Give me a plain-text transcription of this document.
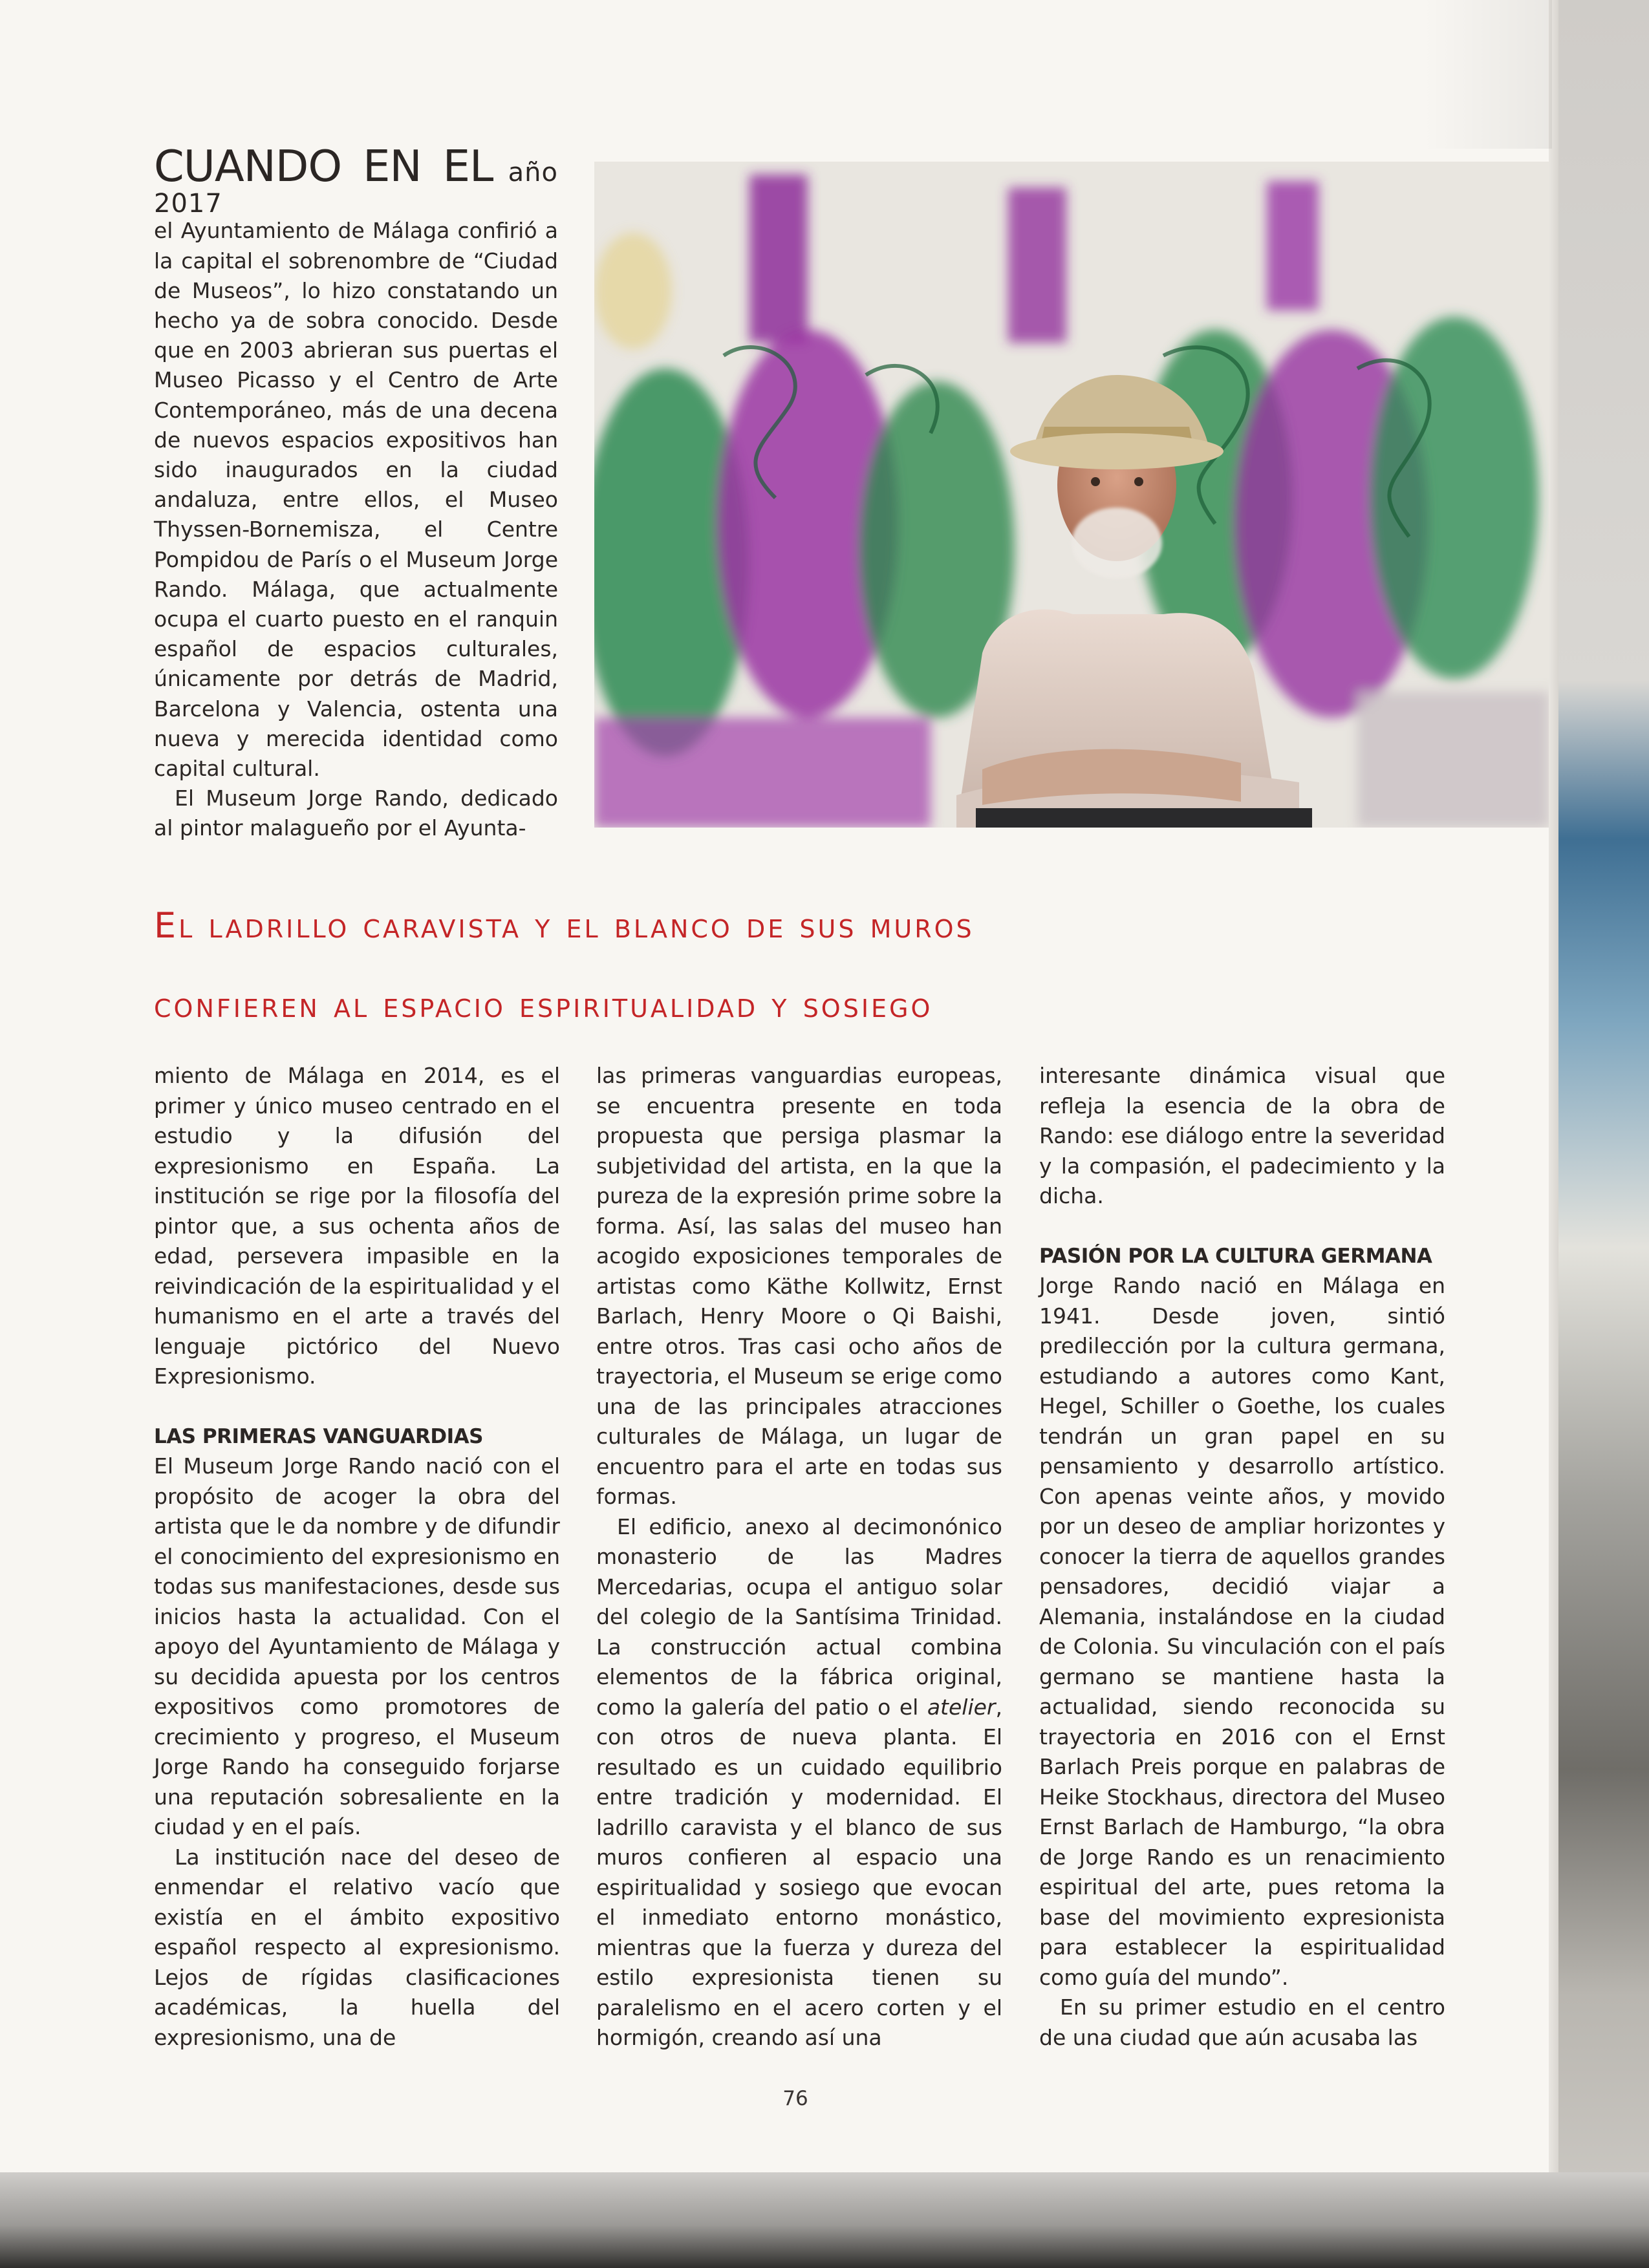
CUANDO EN EL año 2017

el Ayuntamiento de Málaga confirió a la capital el sobrenombre de “Ciudad de Museos”, lo hizo constatando un hecho ya de sobra conocido. Desde que en 2003 abrieran sus puertas el Museo Picasso y el Centro de Arte Contemporáneo, más de una decena de nuevos espacios expositivos han sido inaugurados en la ciudad andaluza, entre ellos, el Museo Thyssen-Bornemisza, el Centre Pompidou de París o el Museum Jorge Rando. Málaga, que actualmente ocupa el cuarto puesto en el ranquin español de espacios culturales, únicamente por detrás de Madrid, Barcelona y Valencia, ostenta una nueva y merecida identidad como capital cultural.

El Museum Jorge Rando, dedicado al pintor malagueño por el Ayunta-

El ladrillo caravista y el blanco de sus muros
confieren al espacio espiritualidad y sosiego

miento de Málaga en 2014, es el primer y único museo centrado en el estudio y la difusión del expresionismo en España. La institución se rige por la filosofía del pintor que, a sus ochenta años de edad, persevera impasible en la reivindicación de la espiritualidad y el humanismo en el arte a través del lenguaje pictórico del Nuevo Expresionismo.

LAS PRIMERAS VANGUARDIAS

El Museum Jorge Rando nació con el propósito de acoger la obra del artista que le da nombre y de difundir el conocimiento del expresionismo en todas sus manifestaciones, desde sus inicios hasta la actualidad. Con el apoyo del Ayuntamiento de Málaga y su decidida apuesta por los centros expositivos como promotores de crecimiento y progreso, el Museum Jorge Rando ha conseguido forjarse una reputación sobresaliente en la ciudad y en el país.

La institución nace del deseo de enmendar el relativo vacío que existía en el ámbito expositivo español respecto al expresionismo. Lejos de rígidas clasificaciones académicas, la huella del expresionismo, una de

las primeras vanguardias europeas, se encuentra presente en toda propuesta que persiga plasmar la subjetividad del artista, en la que la pureza de la expresión prime sobre la forma. Así, las salas del museo han acogido exposiciones temporales de artistas como Käthe Kollwitz, Ernst Barlach, Henry Moore o Qi Baishi, entre otros. Tras casi ocho años de trayectoria, el Museum se erige como una de las principales atracciones culturales de Málaga, un lugar de encuentro para el arte en todas sus formas.

El edificio, anexo al decimonónico monasterio de las Madres Mercedarias, ocupa el antiguo solar del colegio de la Santísima Trinidad. La construcción actual combina elementos de la fábrica original, como la galería del patio o el atelier, con otros de nueva planta. El resultado es un cuidado equilibrio entre tradición y modernidad. El ladrillo caravista y el blanco de sus muros confieren al espacio una espiritualidad y sosiego que evocan el inmediato entorno monástico, mientras que la fuerza y dureza del estilo expresionista tienen su paralelismo en el acero corten y el hormigón, creando así una

interesante dinámica visual que refleja la esencia de la obra de Rando: ese diálogo entre la severidad y la compasión, el padecimiento y la dicha.

PASIÓN POR LA CULTURA GERMANA

Jorge Rando nació en Málaga en 1941. Desde joven, sintió predilección por la cultura germana, estudiando a autores como Kant, Hegel, Schiller o Goethe, los cuales tendrán un gran papel en su pensamiento y desarrollo artístico. Con apenas veinte años, y movido por un deseo de ampliar horizontes y conocer la tierra de aquellos grandes pensadores, decidió viajar a Alemania, instalándose en la ciudad de Colonia. Su vinculación con el país germano se mantiene hasta la actualidad, siendo reconocida su trayectoria en 2016 con el Ernst Barlach Preis porque en palabras de Heike Stockhaus, directora del Museo Ernst Barlach de Hamburgo, “la obra de Jorge Rando es un renacimiento espiritual del arte, pues retoma la base del movimiento expresionista para establecer la espiritualidad como guía del mundo”.

En su primer estudio en el centro de una ciudad que aún acusaba las

76
